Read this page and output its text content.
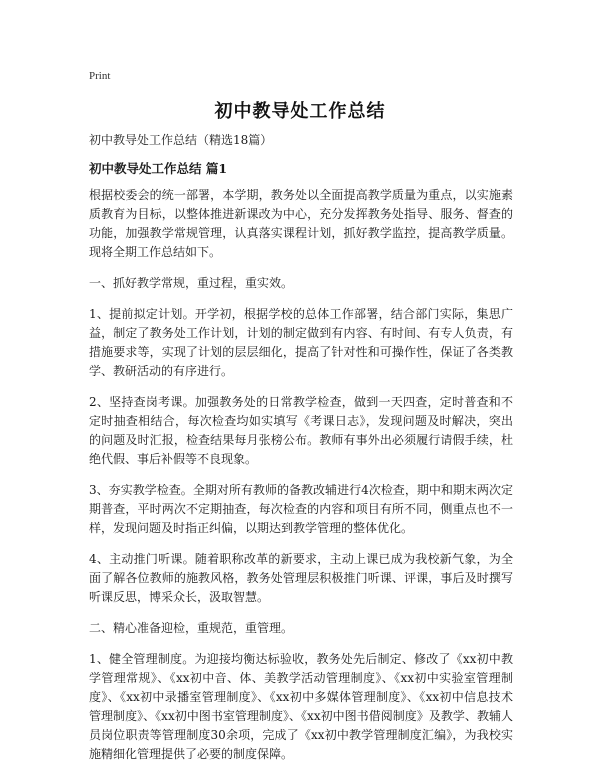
Print
初中教导处工作总结

初中教导处工作总结（精选18篇）

初中教导处工作总结 篇1

根据校委会的统一部署，本学期，教务处以全面提高教学质量为重点，以实施素质教育为目标，以整体推进新课改为中心，充分发挥教务处指导、服务、督查的功能，加强教学常规管理，认真落实课程计划，抓好教学监控，提高教学质量。现将全期工作总结如下。

一、抓好教学常规，重过程，重实效。

1、提前拟定计划。开学初，根据学校的总体工作部署，结合部门实际，集思广益，制定了教务处工作计划，计划的制定做到有内容、有时间、有专人负责，有措施要求等，实现了计划的层层细化，提高了针对性和可操作性，保证了各类教学、教研活动的有序进行。

2、坚持查岗考课。加强教务处的日常教学检查，做到一天四查，定时普查和不定时抽查相结合，每次检查均如实填写《考课日志》，发现问题及时解决，突出的问题及时汇报，检查结果每月张榜公布。教师有事外出必须履行请假手续，杜绝代假、事后补假等不良现象。

3、夯实教学检查。全期对所有教师的备教改辅进行4次检查，期中和期末两次定期普查，平时两次不定期抽查，每次检查的内容和项目有所不同，侧重点也不一样，发现问题及时指正纠偏，以期达到教学管理的整体优化。

4、主动推门听课。随着职称改革的新要求，主动上课已成为我校新气象，为全面了解各位教师的施教风格，教务处管理层积极推门听课、评课，事后及时撰写听课反思，博采众长，汲取智慧。

二、精心准备迎检，重规范，重管理。

1、健全管理制度。为迎接均衡达标验收，教务处先后制定、修改了《xx初中教学管理常规》、《xx初中音、体、美教学活动管理制度》、《xx初中实验室管理制度》、《xx初中录播室管理制度》、《xx初中多媒体管理制度》、《xx初中信息技术管理制度》、《xx初中图书室管理制度》、《xx初中图书借阅制度》及教学、教辅人员岗位职责等管理制度30余项，完成了《xx初中教学管理制度汇编》，为我校实施精细化管理提供了必要的制度保障。
